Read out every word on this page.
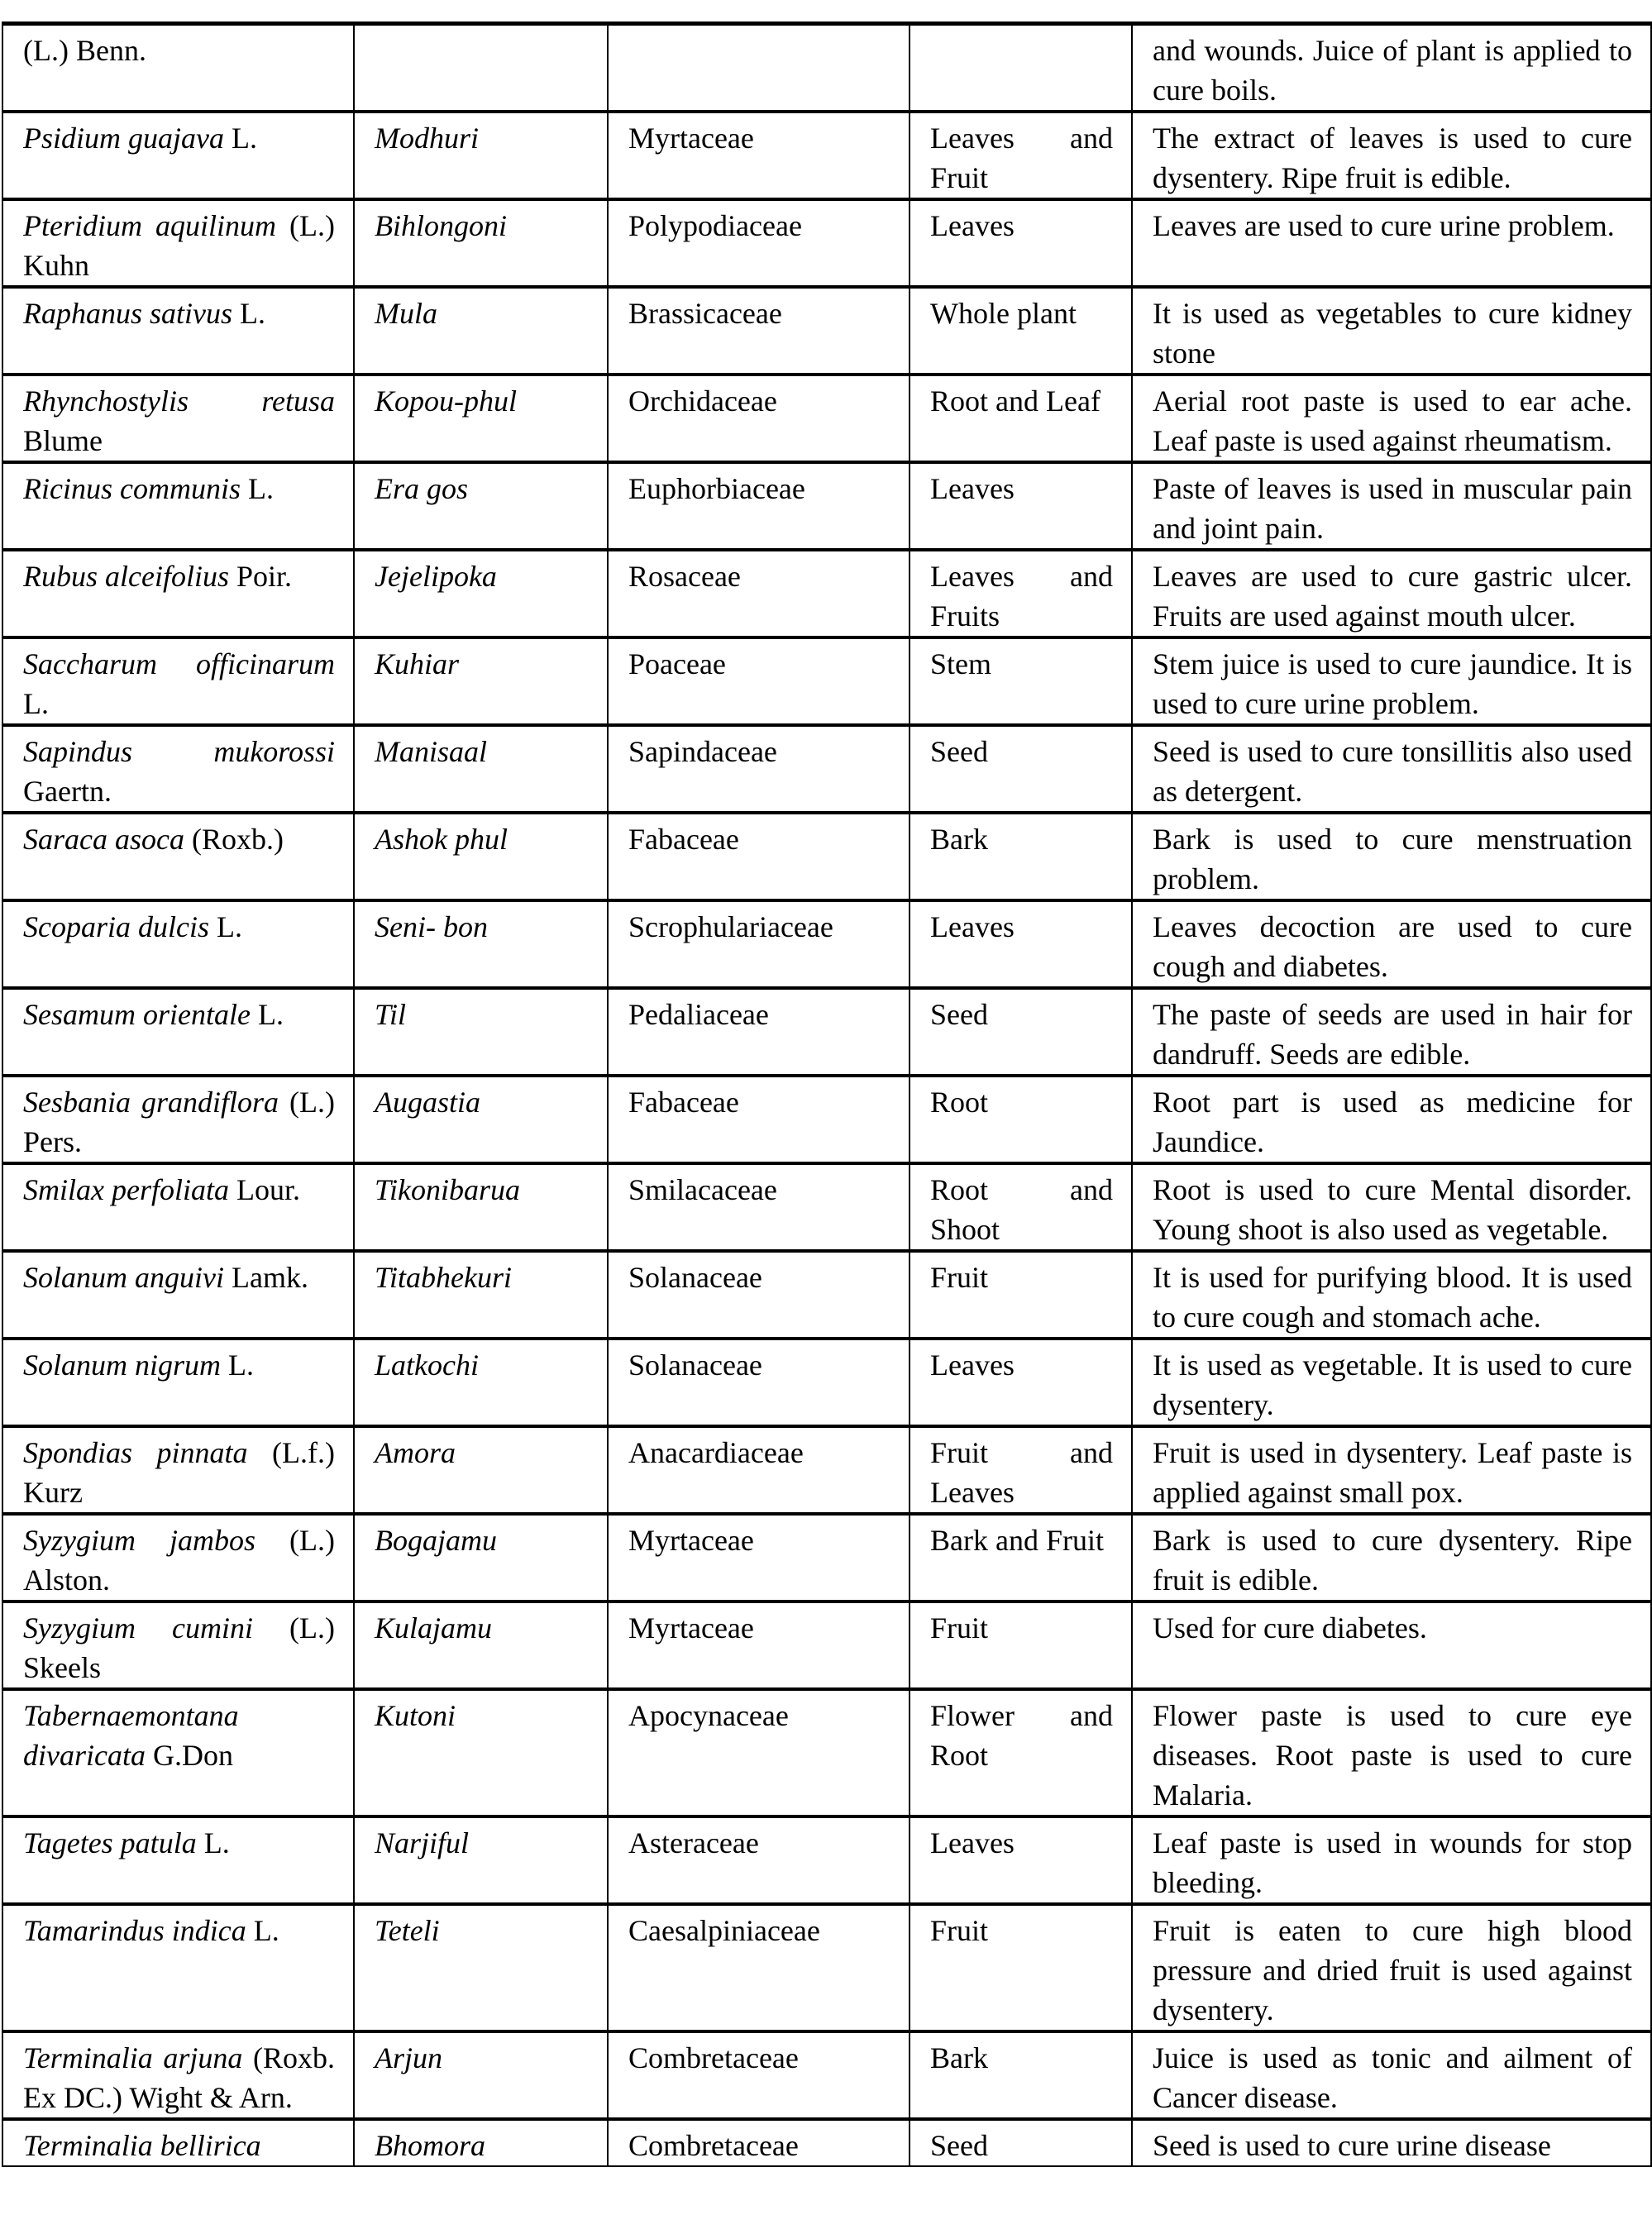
(L.) Benn.				and wounds. Juice of plant is applied to cure boils.
Psidium guajava L.	Modhuri	Myrtaceae	Leaves and Fruit	The extract of leaves is used to cure dysentery. Ripe fruit is edible.
Pteridium aquilinum (L.) Kuhn	Bihlongoni	Polypodiaceae	Leaves	Leaves are used to cure urine problem.
Raphanus sativus L.	Mula	Brassicaceae	Whole plant	It is used as vegetables to cure kidney stone
Rhynchostylis retusa Blume	Kopou-phul	Orchidaceae	Root and Leaf	Aerial root paste is used to ear ache. Leaf paste is used against rheumatism.
Ricinus communis L.	Era gos	Euphorbiaceae	Leaves	Paste of leaves is used in muscular pain and joint pain.
Rubus alceifolius Poir.	Jejelipoka	Rosaceae	Leaves and Fruits	Leaves are used to cure gastric ulcer. Fruits are used against mouth ulcer.
Saccharum officinarum L.	Kuhiar	Poaceae	Stem	Stem juice is used to cure jaundice. It is used to cure urine problem.
Sapindus mukorossi Gaertn.	Manisaal	Sapindaceae	Seed	Seed is used to cure tonsillitis also used as detergent.
Saraca asoca (Roxb.)	Ashok phul	Fabaceae	Bark	Bark is used to cure menstruation problem.
Scoparia dulcis L.	Seni- bon	Scrophulariaceae	Leaves	Leaves decoction are used to cure cough and diabetes.
Sesamum orientale L.	Til	Pedaliaceae	Seed	The paste of seeds are used in hair for dandruff. Seeds are edible.
Sesbania grandiflora (L.) Pers.	Augastia	Fabaceae	Root	Root part is used as medicine for Jaundice.
Smilax perfoliata Lour.	Tikonibarua	Smilacaceae	Root and Shoot	Root is used to cure Mental disorder. Young shoot is also used as vegetable.
Solanum anguivi Lamk.	Titabhekuri	Solanaceae	Fruit	It is used for purifying blood. It is used to cure cough and stomach ache.
Solanum nigrum L.	Latkochi	Solanaceae	Leaves	It is used as vegetable. It is used to cure dysentery.
Spondias pinnata (L.f.) Kurz	Amora	Anacardiaceae	Fruit and Leaves	Fruit is used in dysentery. Leaf paste is applied against small pox.
Syzygium jambos (L.) Alston.	Bogajamu	Myrtaceae	Bark and Fruit	Bark is used to cure dysentery. Ripe fruit is edible.
Syzygium cumini (L.) Skeels	Kulajamu	Myrtaceae	Fruit	Used for cure diabetes.
Tabernaemontana divaricata G.Don	Kutoni	Apocynaceae	Flower and Root	Flower paste is used to cure eye diseases. Root paste is used to cure Malaria.
Tagetes patula L.	Narjiful	Asteraceae	Leaves	Leaf paste is used in wounds for stop bleeding.
Tamarindus indica L.	Teteli	Caesalpiniaceae	Fruit	Fruit is eaten to cure high blood pressure and dried fruit is used against dysentery.
Terminalia arjuna (Roxb. Ex DC.) Wight & Arn.	Arjun	Combretaceae	Bark	Juice is used as tonic and ailment of Cancer disease.
Terminalia bellirica	Bhomora	Combretaceae	Seed	Seed is used to cure urine disease
